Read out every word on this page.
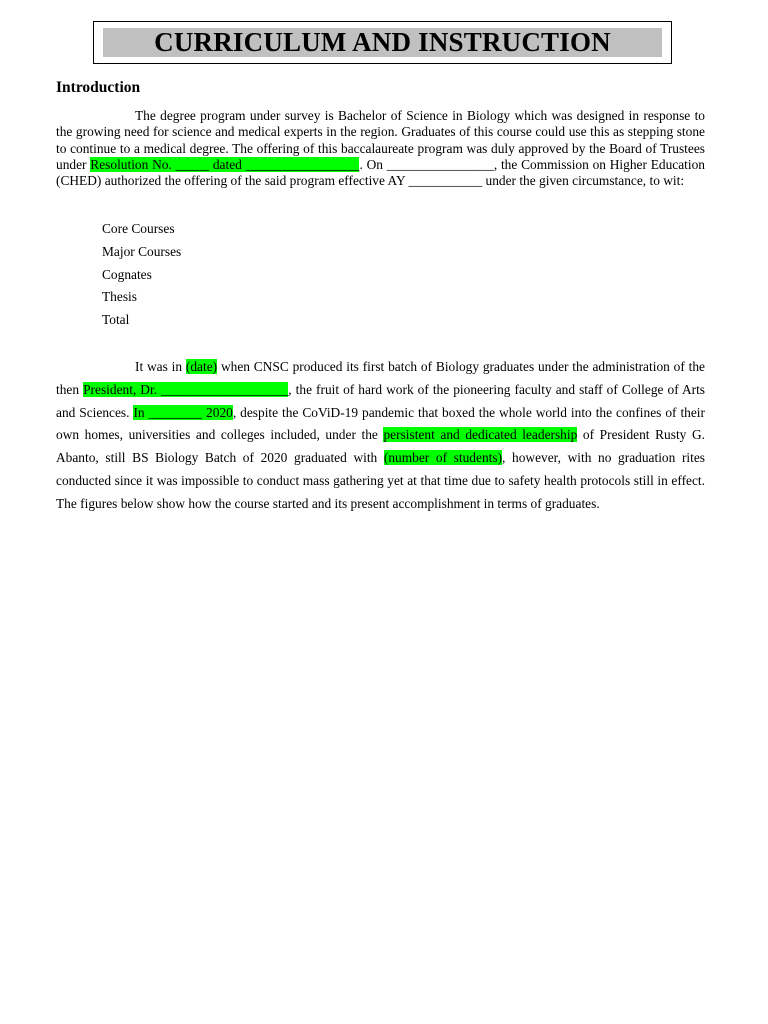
CURRICULUM AND INSTRUCTION
Introduction

The degree program under survey is Bachelor of Science in Biology which was designed in response to the growing need for science and medical experts in the region. Graduates of this course could use this as stepping stone to continue to a medical degree. The offering of this baccalaureate program was duly approved by the Board of Trustees under Resolution No. _____ dated _________________. On ________________, the Commission on Higher Education (CHED) authorized the offering of the said program effective AY ___________ under the given circumstance, to wit:

Core Courses
Major Courses
Cognates
Thesis
Total

It was in (date) when CNSC produced its first batch of Biology graduates under the administration of the then President, Dr. ___________________, the fruit of hard work of the pioneering faculty and staff of College of Arts and Sciences. In ________ 2020, despite the CoViD-19 pandemic that boxed the whole world into the confines of their own homes, universities and colleges included, under the persistent and dedicated leadership of President Rusty G. Abanto, still BS Biology Batch of 2020 graduated with (number of students), however, with no graduation rites conducted since it was impossible to conduct mass gathering yet at that time due to safety health protocols still in effect. The figures below show how the course started and its present accomplishment in terms of graduates.
